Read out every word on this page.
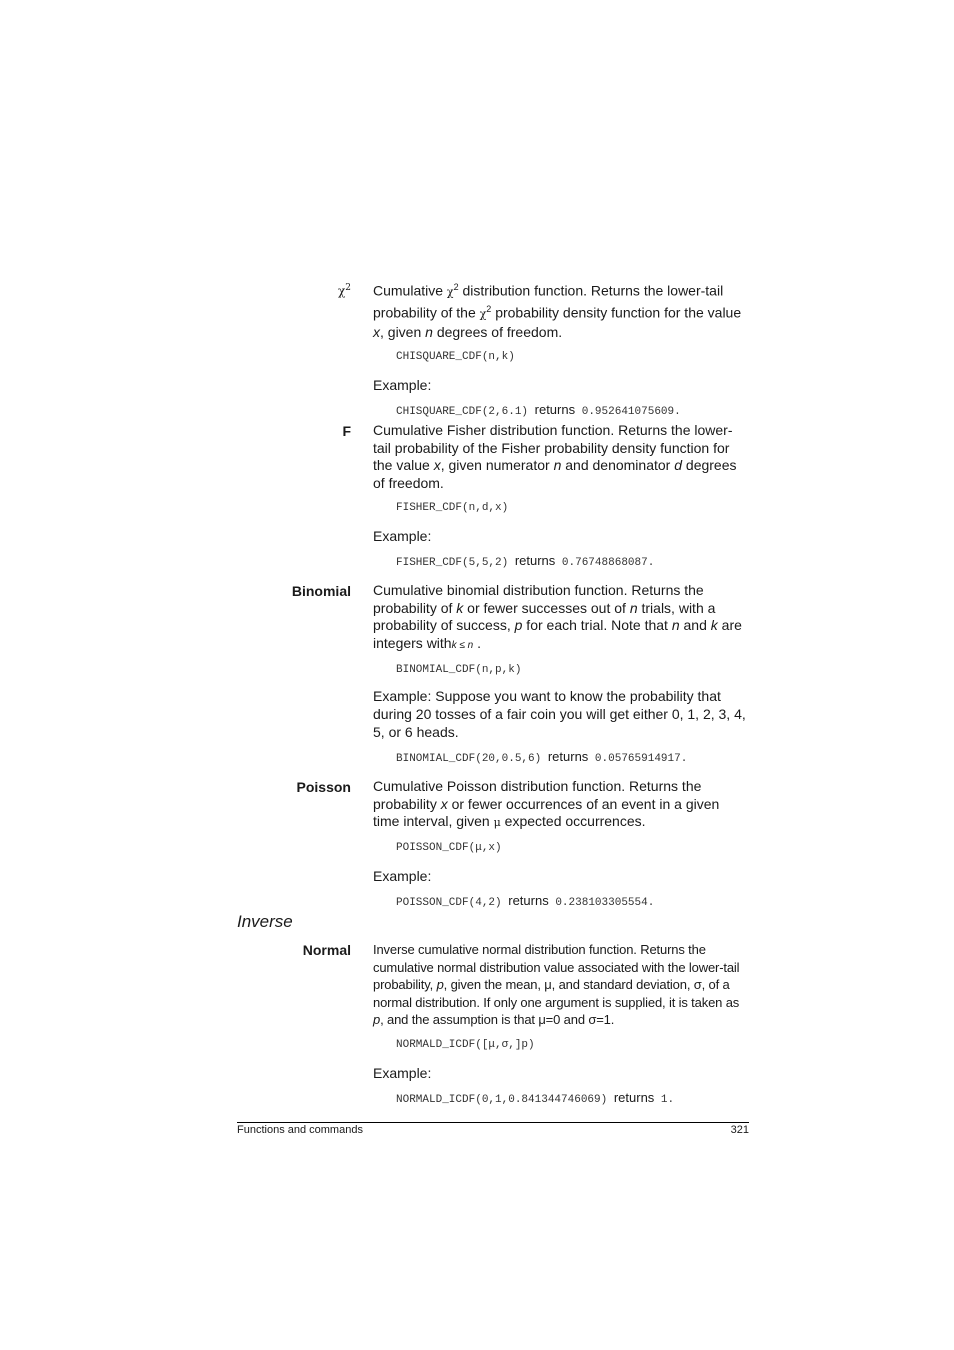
$\chi^2$ Cumulative $\chi^2$ distribution function. Returns the lower-tail probability of the $\chi^2$ probability density function for the value x, given n degrees of freedom.

CHISQUARE_CDF(n,k)

Example:

CHISQUARE_CDF(2,6.1) returns 0.952641075609.

F Cumulative Fisher distribution function. Returns the lower-tail probability of the Fisher probability density function for the value x, given numerator n and denominator d degrees of freedom.

FISHER_CDF(n,d,x)

Example:

FISHER_CDF(5,5,2) returns 0.76748868087.

Binomial Cumulative binomial distribution function. Returns the probability of k or fewer successes out of n trials, with a probability of success, p for each trial. Note that n and k are integers withk ≤ n .

BINOMIAL_CDF(n,p,k)

Example: Suppose you want to know the probability that during 20 tosses of a fair coin you will get either 0, 1, 2, 3, 4, 5, or 6 heads.

BINOMIAL_CDF(20,0.5,6) returns 0.05765914917.

Poisson Cumulative Poisson distribution function. Returns the probability x or fewer occurrences of an event in a given time interval, given μ expected occurrences.

POISSON_CDF(μ,x)

Example:

POISSON_CDF(4,2) returns 0.238103305554.

Inverse
Normal Inverse cumulative normal distribution function. Returns the cumulative normal distribution value associated with the lower-tail probability, p, given the mean, μ, and standard deviation, σ, of a normal distribution. If only one argument is supplied, it is taken as p, and the assumption is that μ=0 and σ=1.

NORMALD_ICDF([μ,σ,]p)

Example:

NORMALD_ICDF(0,1,0.841344746069) returns 1.

Functions and commands	321
